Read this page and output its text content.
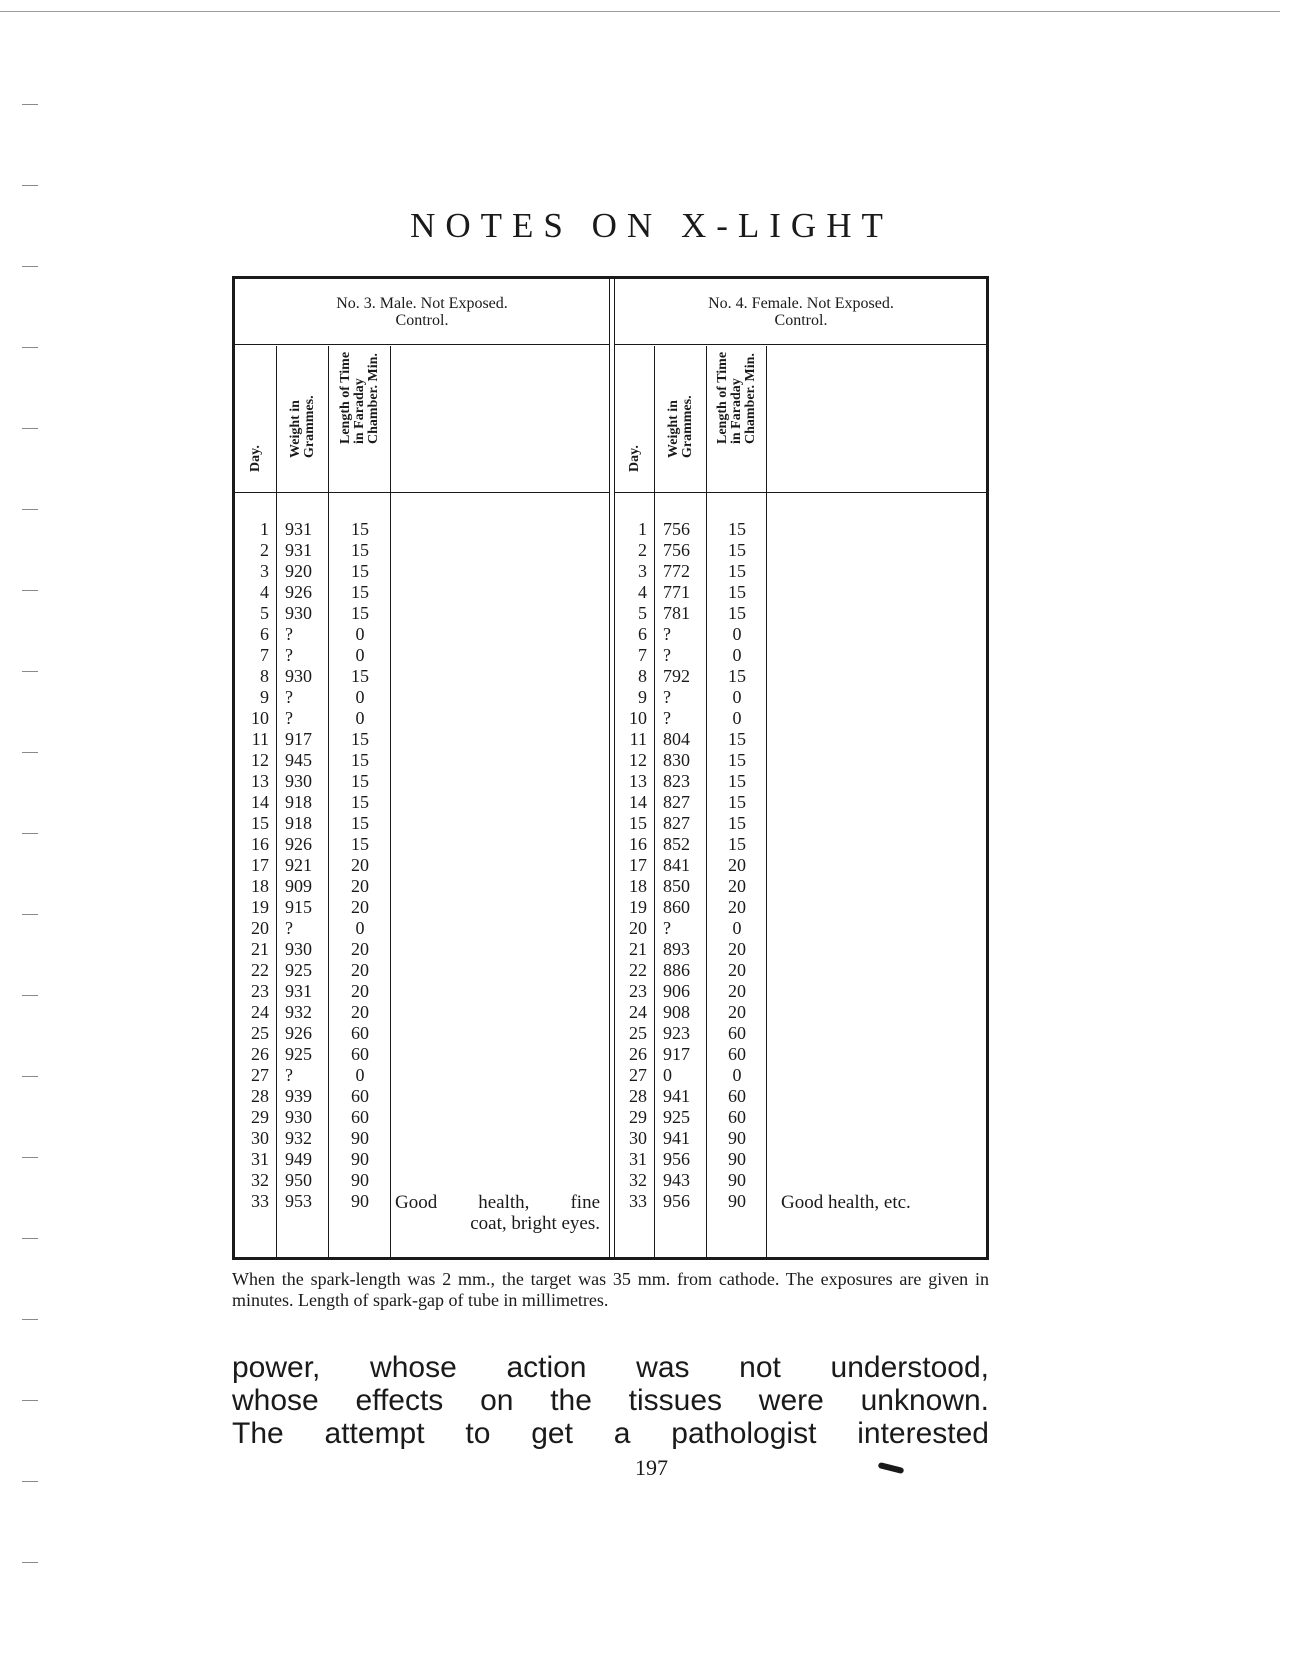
NOTES ON X-LIGHT
No. 3. Male. Not Exposed.
Control.
Day.
Weight in Grammes. Length of Time in Faraday Chamber. Min.
1 931	15
2 931	15
3 920	15
4 926	15
5 930	15
6 ?	0
7 ?	0
8 930	15
9 ?	0
10 ?	0
11 917	15
12 945	15
13 930	15
14 918	15
15 918	15
16 926	15
17 921	20
18 909	20
19 915	20
20 ?	0
21 930	20
22 925	20
23 931	20
24 932	20
25 926	60
26 925	60
27 ?	0
28 939	60
29 930	60
30 932	90
31 949	90
32 950	90
33 953	90	Good health, fine
coat, bright eyes.
No. 4. Female. Not Exposed.
Control.
Day.
Weight in Grammes. Length of Time in Faraday Chamber. Min.
1 756	15
2 756	15
3 772	15
4 771	15
5 781	15
6 ?	0
7 ?	0
8 792	15
9 ?	0
10 ?	0
11 804	15
12 830	15
13 823	15
14 827	15
15 827	15
16 852	15
17 841	20
18 850	20
19 860	20
20 ?	0
21 893	20
22 886	20
23 906	20
24 908	20
25 923	60
26 917	60
27 0	0
28 941	60
29 925	60
30 941	90
31 956	90
32 943	90
33 956	90	Good health, etc.
When the spark-length was 2 mm., the target was 35 mm. from cathode. The exposures are given in minutes. Length of spark-gap of tube in millimetres.
power, whose action was not understood,
whose effects on the tissues were unknown.
The attempt to get a pathologist interested
197
